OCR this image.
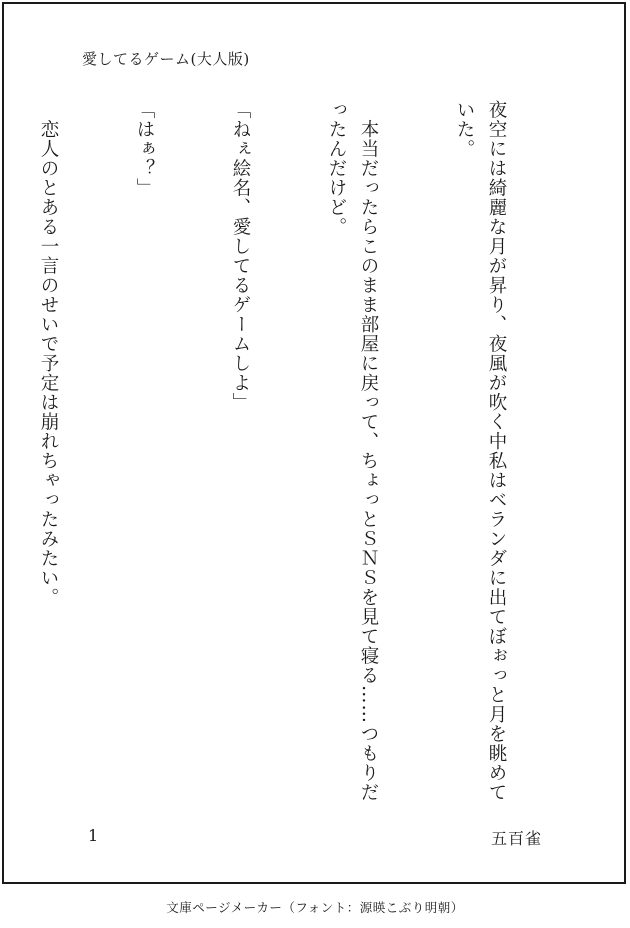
愛してるゲーム(大人版)

夜空には綺麗な月が昇り、夜風が吹く中私はベランダに出てぼぉっと月を眺めていた。

　本当だったらこのまま部屋に戻って、ちょっとＳＮＳを見て寝る……つもりだったんだけど。

「ねぇ絵名、愛してるゲームしよ」

「はぁ？」

　恋人のとある一言のせいで予定は崩れちゃったみたい。

1	五百雀
文庫ページメーカー（フォント：源暎こぶり明朝）
